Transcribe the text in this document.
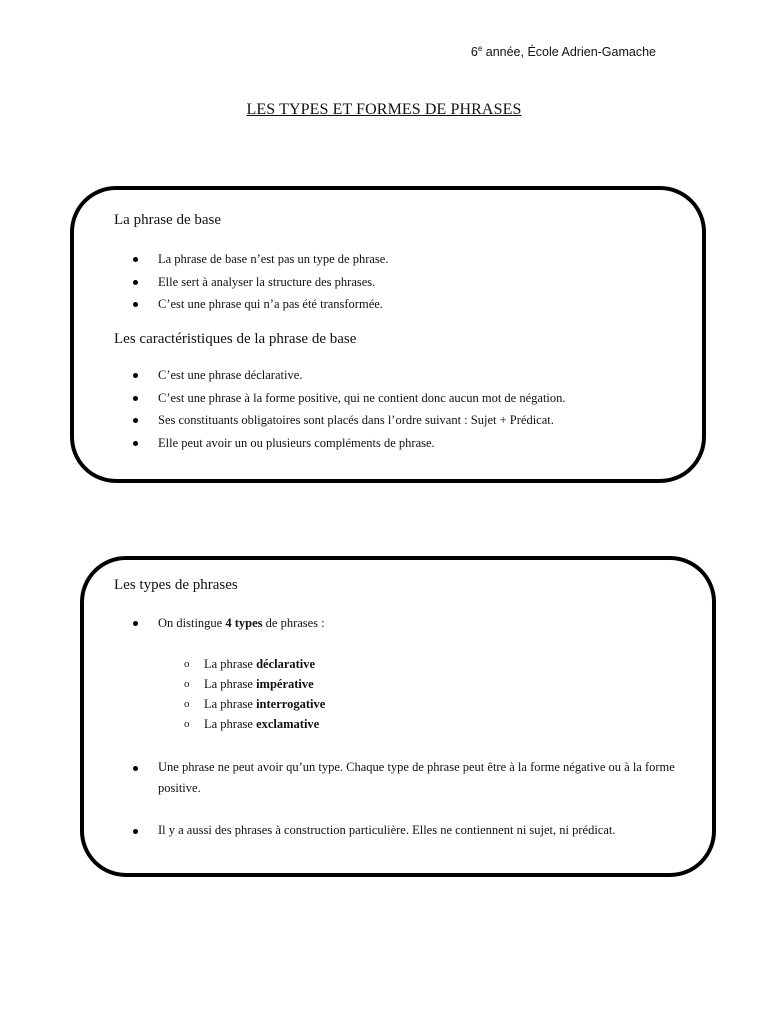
6e année, École Adrien-Gamache
LES TYPES ET FORMES DE PHRASES
La phrase de base
La phrase de base n’est pas un type de phrase.
Elle sert à analyser la structure des phrases.
C’est une phrase qui n’a pas été transformée.
Les caractéristiques de la phrase de base
C’est une phrase déclarative.
C’est une phrase à la forme positive, qui ne contient donc aucun mot de négation.
Ses constituants obligatoires sont placés dans l’ordre suivant : Sujet + Prédicat.
Elle peut avoir un ou plusieurs compléments de phrase.
Les types de phrases
On distingue 4 types de phrases :
o La phrase déclarative
o La phrase impérative
o La phrase interrogative
o La phrase exclamative

Une phrase ne peut avoir qu’un type. Chaque type de phrase peut être à la forme négative ou à la forme positive.

Il y a aussi des phrases à construction particulière. Elles ne contiennent ni sujet, ni prédicat.
